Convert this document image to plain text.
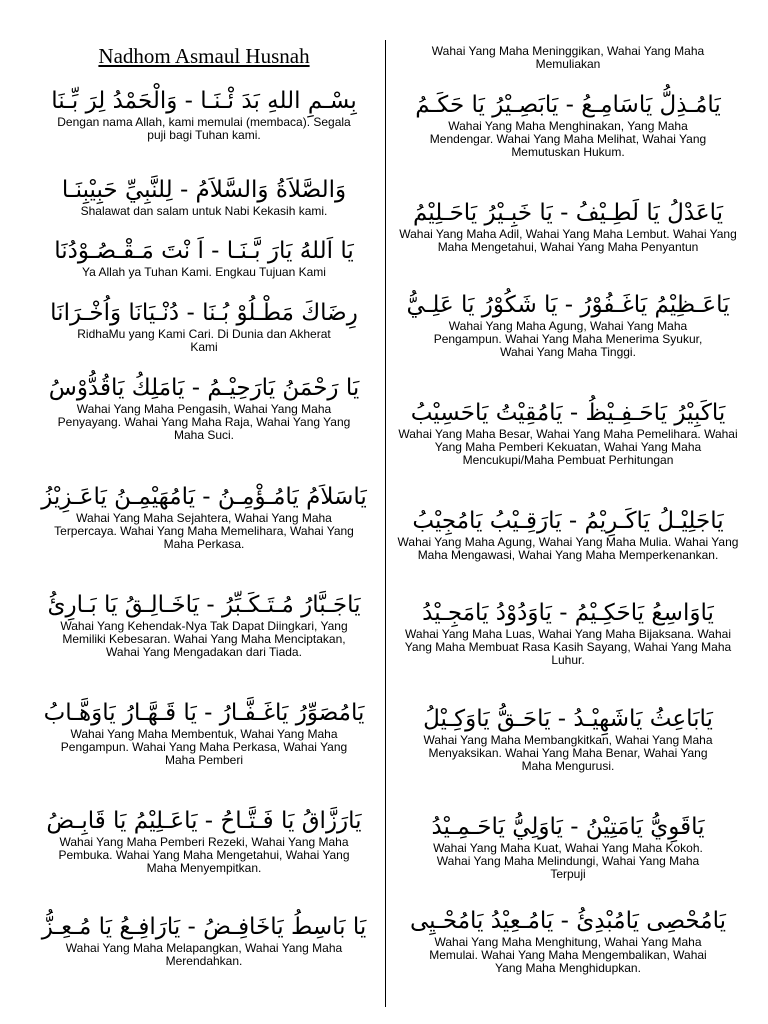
Nadhom Asmaul Husnah
بِسْـمِ اللهِ بَدَ ئْـنَـا - وَالْحَمْدُ لِرَ بِّـنَا
Dengan nama Allah, kami memulai (membaca). Segala puji bagi Tuhan kami.
وَالصَّلاَةُ وَالسَّلاَمُ - لِلنَّبِيِّ حَبِيْبِنَـا
Shalawat dan salam untuk Nabi Kekasih kami.
يَا اَللهُ يَارَ بَّـنَـا - اَ نْتَ مَـقْـصُـوْدُنَا
Ya Allah ya Tuhan Kami. Engkau Tujuan Kami
رِضَاكَ مَطْـلُوْ بُـنَا - دُنْـيَانَا وَاُخْـرَانَا
RidhaMu yang Kami Cari. Di Dunia dan Akherat Kami
يَا رَحْمَنُ يَارَحِيْـمُ - يَامَلِكُ يَاقُدُّوْسُ
Wahai Yang Maha Pengasih, Wahai Yang Maha Penyayang. Wahai Yang Maha Raja, Wahai Yang Yang Maha Suci.
يَاسَلاَمُ يَامُـؤْمِـنُ - يَامُهَيْمِـنُ يَاعَـزِيْزُ
Wahai Yang Maha Sejahtera, Wahai Yang Maha Terpercaya. Wahai Yang Maha Memelihara, Wahai Yang Maha Perkasa.
يَاجَـبَّارُ مُـتَـكَـبِّرُ - يَاخَـالِـقُ يَا بَـارِئُ
Wahai Yang Kehendak-Nya Tak Dapat Diingkari, Yang Memiliki Kebesaran. Wahai Yang Maha Menciptakan, Wahai Yang Mengadakan dari Tiada.
يَامُصَوِّرُ يَاغَـفَّـارُ - يَا قَـهَّـارُ يَاوَهَّـابُ
Wahai Yang Maha Membentuk, Wahai Yang Maha Pengampun. Wahai Yang Maha Perkasa, Wahai Yang Maha Pemberi
يَارَزَّاقُ يَا فَـتَّـاحُ - يَاعَـلِيْمُ يَا قَابِـضُ
Wahai Yang Maha Pemberi Rezeki, Wahai Yang Maha Pembuka. Wahai Yang Maha Mengetahui, Wahai Yang Maha Menyempitkan.
يَا بَاسِطُ يَاخَافِـضُ - يَارَافِـعُ يَا مُـعِـزُّ
Wahai Yang Maha Melapangkan, Wahai Yang Maha Merendahkan.
Wahai Yang Maha Meninggikan, Wahai Yang Maha Memuliakan
يَامُـذِلُّ يَاسَامِـعُ - يَابَصِـيْرُ يَا حَكَـمُ
Wahai Yang Maha Menghinakan, Yang Maha Mendengar. Wahai Yang Maha Melihat, Wahai Yang Memutuskan Hukum.
يَاعَدْلُ يَا لَطِـيْفُ - يَا خَبِـيْرُ يَاحَـلِيْمُ
Wahai Yang Maha Adil, Wahai Yang Maha Lembut. Wahai Yang Maha Mengetahui, Wahai Yang Maha Penyantun
يَاعَـظِيْمُ يَاغَـفُوْرُ - يَا شَكُوْرُ يَا عَلِـيُّ
Wahai Yang Maha Agung, Wahai Yang Maha Pengampun. Wahai Yang Maha Menerima Syukur, Wahai Yang Maha Tinggi.
يَاكَبِيْرُ يَاحَـفِـيْظُ - يَامُقِيْتُ يَاحَسِيْبُ
Wahai Yang Maha Besar, Wahai Yang Maha Pemelihara. Wahai Yang Maha Pemberi Kekuatan, Wahai Yang Maha Mencukupi/Maha Pembuat Perhitungan
يَاجَلِيْـلُ يَاكَـرِيْمُ - يَارَقِـيْبُ يَامُجِيْبُ
Wahai Yang Maha Agung, Wahai Yang Maha Mulia. Wahai Yang Maha Mengawasi, Wahai Yang Maha Memperkenankan.
يَاوَاسِعُ يَاحَكِـيْمُ - يَاوَدُوْدُ يَامَجِـيْدُ
Wahai Yang Maha Luas, Wahai Yang Maha Bijaksana. Wahai Yang Maha Membuat Rasa Kasih Sayang, Wahai Yang Maha Luhur.
يَابَاعِثُ يَاشَهِيْـدُ - يَاحَـقُّ يَاوَكِـيْلُ
Wahai Yang Maha Membangkitkan, Wahai Yang Maha Menyaksikan. Wahai Yang Maha Benar, Wahai Yang Maha Mengurusi.
يَاقَوِيُّ يَامَتِيْنُ - يَاوَلِيُّ يَاحَـمِـيْدُ
Wahai Yang Maha Kuat, Wahai Yang Maha Kokoh. Wahai Yang Maha Melindungi, Wahai Yang Maha Terpuji
يَامُحْصِى يَامُبْدِئُ - يَامُـعِيْدُ يَامُحْـيِى
Wahai Yang Maha Menghitung, Wahai Yang Maha Memulai. Wahai Yang Maha Mengembalikan, Wahai Yang Maha Menghidupkan.
